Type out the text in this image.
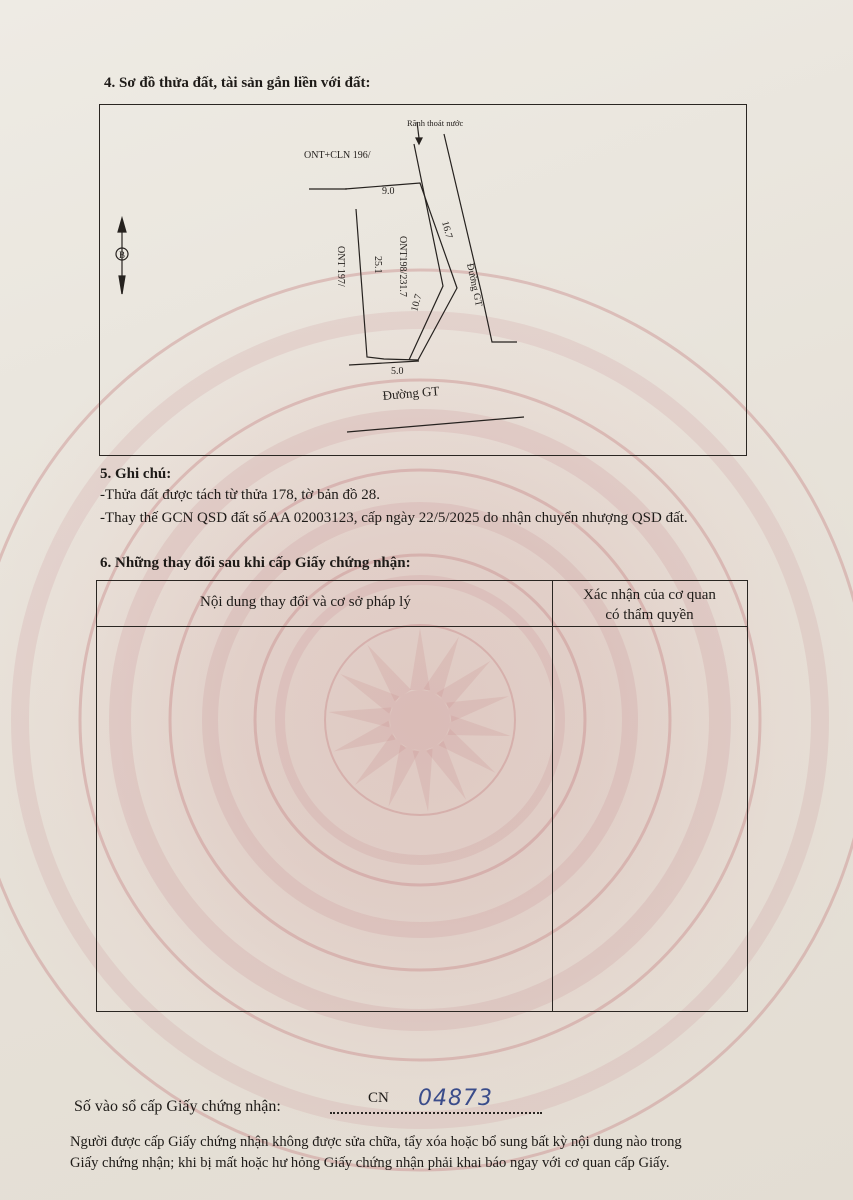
4. Sơ đồ thửa đất, tài sản gắn liền với đất:
B
Rãnh thoát nước
ONT+CLN 196/
9.0
ONT 197/	25.1 ONT198/231.7
16.7
10.7	Đường GT
5.0
Đường GT
5. Ghi chú:
-Thửa đất được tách từ thửa 178, tờ bản đồ 28.
-Thay thế GCN QSD đất số AA 02003123, cấp ngày 22/5/2025 do nhận chuyển nhượng QSD đất.
6. Những thay đổi sau khi cấp Giấy chứng nhận:
Nội dung thay đổi và cơ sở pháp lý	Xác nhận của cơ quan
có thẩm quyền
Số vào sổ cấp Giấy chứng nhận:	CN 04873
Người được cấp Giấy chứng nhận không được sửa chữa, tẩy xóa hoặc bổ sung bất kỳ nội dung nào trong
Giấy chứng nhận; khi bị mất hoặc hư hỏng Giấy chứng nhận phải khai báo ngay với cơ quan cấp Giấy.
